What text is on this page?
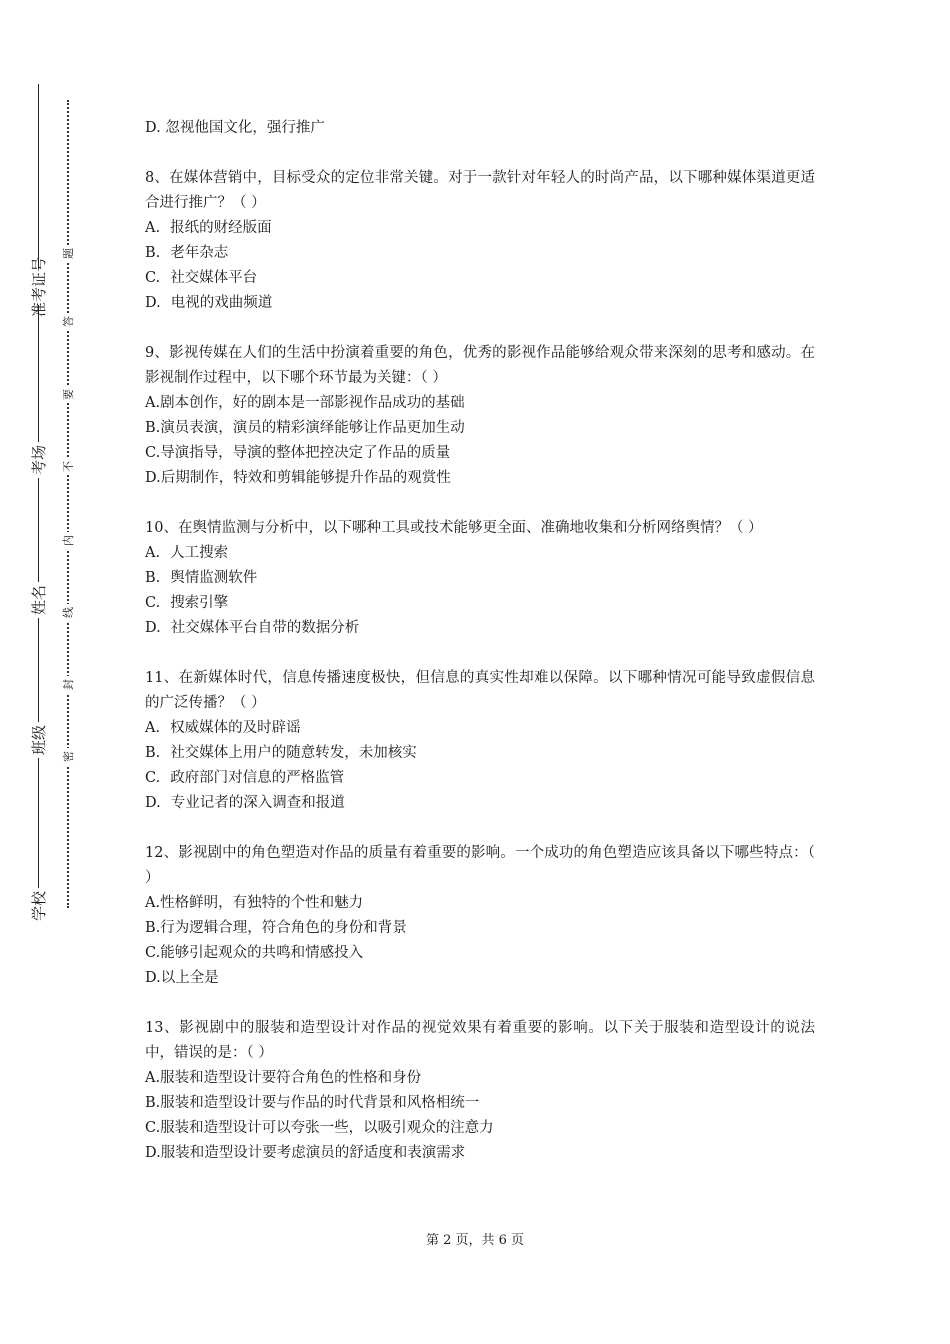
准考证号
考场
姓名
班级
学校
题
答
要
不
内
线
封
密

D. 忽视他国文化，强行推广

8、在媒体营销中，目标受众的定位非常关键。对于一款针对年轻人的时尚产品，以下哪种媒体渠道更适合进行推广？（ ）

A. 报纸的财经版面

B. 老年杂志

C. 社交媒体平台

D. 电视的戏曲频道

9、影视传媒在人们的生活中扮演着重要的角色，优秀的影视作品能够给观众带来深刻的思考和感动。在影视制作过程中，以下哪个环节最为关键：（ ）

A.剧本创作，好的剧本是一部影视作品成功的基础

B.演员表演，演员的精彩演绎能够让作品更加生动

C.导演指导，导演的整体把控决定了作品的质量

D.后期制作，特效和剪辑能够提升作品的观赏性

10、在舆情监测与分析中，以下哪种工具或技术能够更全面、准确地收集和分析网络舆情？（ ）

A. 人工搜索

B. 舆情监测软件

C. 搜索引擎

D. 社交媒体平台自带的数据分析

11、在新媒体时代，信息传播速度极快，但信息的真实性却难以保障。以下哪种情况可能导致虚假信息的广泛传播？（ ）

A. 权威媒体的及时辟谣

B. 社交媒体上用户的随意转发，未加核实

C. 政府部门对信息的严格监管

D. 专业记者的深入调查和报道

12、影视剧中的角色塑造对作品的质量有着重要的影响。一个成功的角色塑造应该具备以下哪些特点：（ ）

A.性格鲜明，有独特的个性和魅力

B.行为逻辑合理，符合角色的身份和背景

C.能够引起观众的共鸣和情感投入

D.以上全是

13、影视剧中的服装和造型设计对作品的视觉效果有着重要的影响。以下关于服装和造型设计的说法中，错误的是：（ ）

A.服装和造型设计要符合角色的性格和身份

B.服装和造型设计要与作品的时代背景和风格相统一

C.服装和造型设计可以夸张一些，以吸引观众的注意力

D.服装和造型设计要考虑演员的舒适度和表演需求

第 2 页，共 6 页
